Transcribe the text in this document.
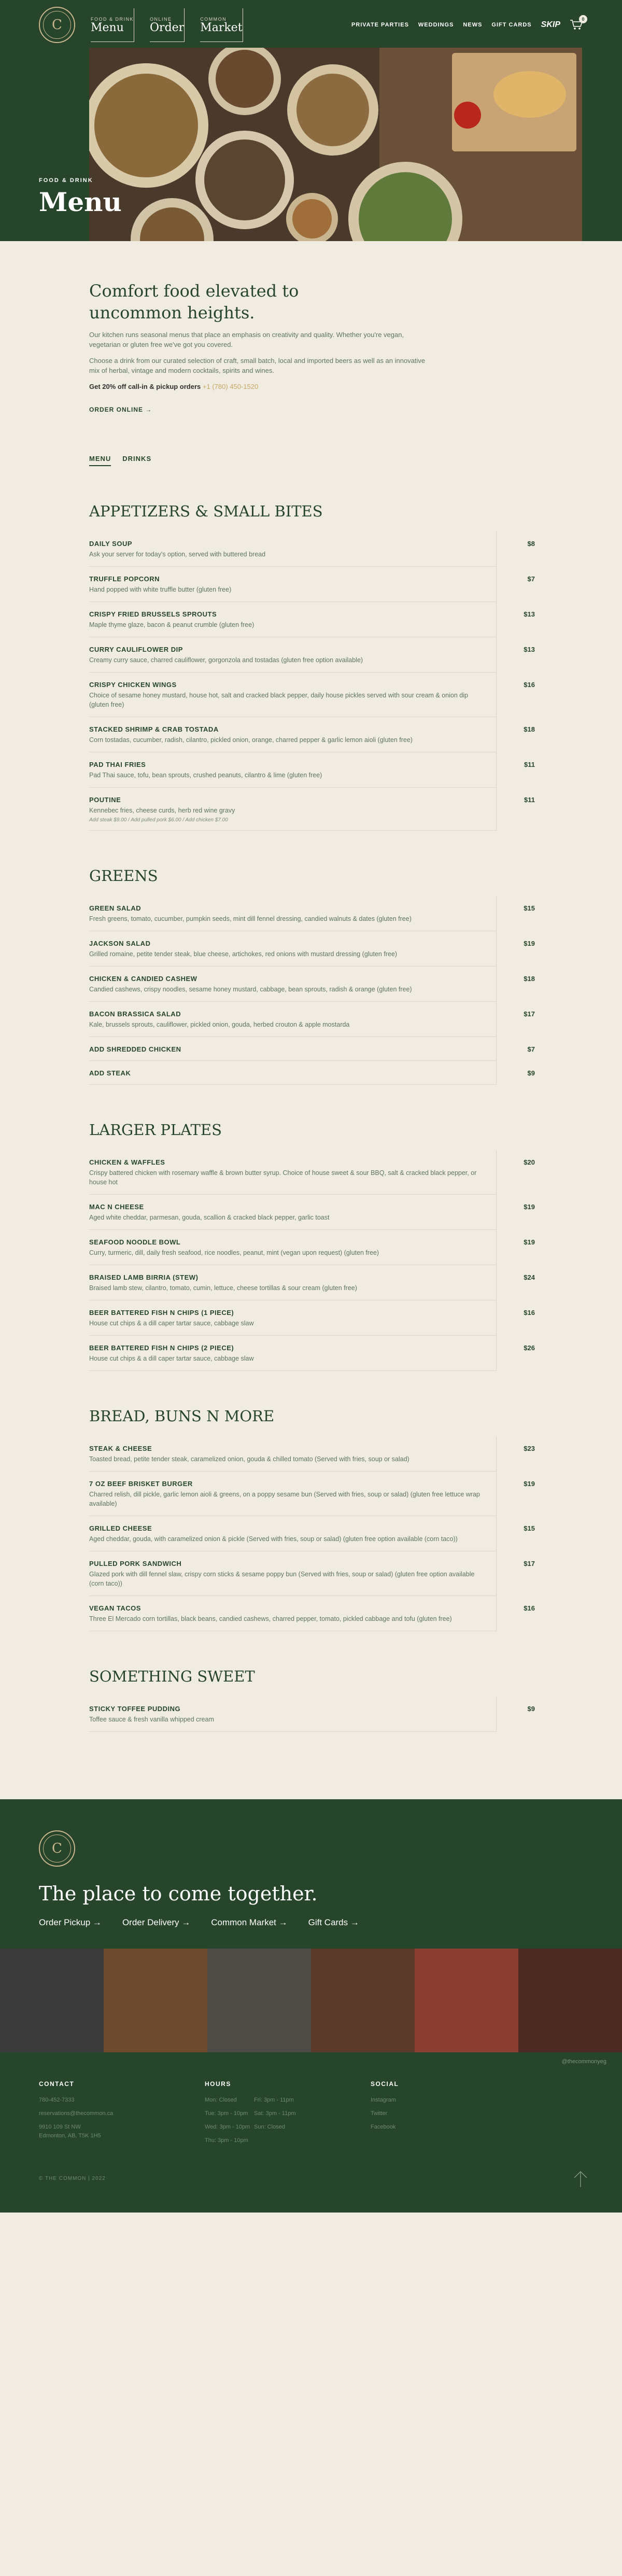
C	FOOD & DRINK
Menu
ONLINE
Order
COMMON
Market	PRIVATE PARTIES WEDDINGS NEWS GIFT CARDS SKIP
0
FOOD & DRINK
Menu
Comfort food elevated to uncommon heights.

Our kitchen runs seasonal menus that place an emphasis on creativity and quality. Whether you're vegan, vegetarian or gluten free we've got you covered.

Choose a drink from our curated selection of craft, small batch, local and imported beers as well as an innovative mix of herbal, vintage and modern cocktails, spirits and wines.

Get 20% off call-in & pickup orders +1 (780) 450-1520

ORDER ONLINE →
MENU DRINKS
APPETIZERS & SMALL BITES
DAILY SOUP
Ask your server for today's option, served with buttered bread
$8
TRUFFLE POPCORN
Hand popped with white truffle butter (gluten free)
$7
CRISPY FRIED BRUSSELS SPROUTS
Maple thyme glaze, bacon & peanut crumble (gluten free)
$13
CURRY CAULIFLOWER DIP
Creamy curry sauce, charred cauliflower, gorgonzola and tostadas (gluten free option available)
$13
CRISPY CHICKEN WINGS
Choice of sesame honey mustard, house hot, salt and cracked black pepper, daily house pickles served with sour cream & onion dip (gluten free)
$16
STACKED SHRIMP & CRAB TOSTADA
Corn tostadas, cucumber, radish, cilantro, pickled onion, orange, charred pepper & garlic lemon aioli (gluten free)
$18
PAD THAI FRIES
Pad Thai sauce, tofu, bean sprouts, crushed peanuts, cilantro & lime (gluten free)
$11
POUTINE
Kennebec fries, cheese curds, herb red wine gravy
Add steak $9.00 / Add pulled pork $6.00 / Add chicken $7.00
$11
GREENS
GREEN SALAD
Fresh greens, tomato, cucumber, pumpkin seeds, mint dill fennel dressing, candied walnuts & dates (gluten free)
$15
JACKSON SALAD
Grilled romaine, petite tender steak, blue cheese, artichokes, red onions with mustard dressing (gluten free)
$19
CHICKEN & CANDIED CASHEW
Candied cashews, crispy noodles, sesame honey mustard, cabbage, bean sprouts, radish & orange (gluten free)
$18
BACON BRASSICA SALAD
Kale, brussels sprouts, cauliflower, pickled onion, gouda, herbed crouton & apple mostarda
$17
ADD SHREDDED CHICKEN	$7
ADD STEAK	$9
LARGER PLATES
CHICKEN & WAFFLES
Crispy battered chicken with rosemary waffle & brown butter syrup. Choice of house sweet & sour BBQ, salt & cracked black pepper, or house hot
$20
MAC N CHEESE
Aged white cheddar, parmesan, gouda, scallion & cracked black pepper, garlic toast
$19
SEAFOOD NOODLE BOWL
Curry, turmeric, dill, daily fresh seafood, rice noodles, peanut, mint (vegan upon request) (gluten free)
$19
BRAISED LAMB BIRRIA (STEW)
Braised lamb stew, cilantro, tomato, cumin, lettuce, cheese tortillas & sour cream (gluten free)
$24
BEER BATTERED FISH N CHIPS (1 PIECE)
House cut chips & a dill caper tartar sauce, cabbage slaw
$16
BEER BATTERED FISH N CHIPS (2 PIECE)
House cut chips & a dill caper tartar sauce, cabbage slaw
$26
BREAD, BUNS N MORE
STEAK & CHEESE
Toasted bread, petite tender steak, caramelized onion, gouda & chilled tomato (Served with fries, soup or salad)
$23
7 OZ BEEF BRISKET BURGER
Charred relish, dill pickle, garlic lemon aioli & greens, on a poppy sesame bun (Served with fries, soup or salad) (gluten free lettuce wrap available)
$19
GRILLED CHEESE
Aged cheddar, gouda, with caramelized onion & pickle (Served with fries, soup or salad) (gluten free option available (corn taco))
$15
PULLED PORK SANDWICH
Glazed pork with dill fennel slaw, crispy corn sticks & sesame poppy bun (Served with fries, soup or salad) (gluten free option available (corn taco))
$17
VEGAN TACOS
Three El Mercado corn tortillas, black beans, candied cashews, charred pepper, tomato, pickled cabbage and tofu (gluten free)
$16
SOMETHING SWEET
STICKY TOFFEE PUDDING
Toffee sauce & fresh vanilla whipped cream
$9
C
The place to come together.
Order Pickup → Order Delivery → Common Market → Gift Cards →
@thecommonyeg
CONTACT
780-452-7333
reservations@thecommon.ca
9910 109 St NW
Edmonton, AB, T5K 1H5
HOURS
Mon: Closed	Fri: 3pm - 11pm
Tue: 3pm - 10pm	Sat: 3pm - 11pm
Wed: 3pm - 10pm Sun: Closed
Thu: 3pm - 10pm
SOCIAL
Instagram
Twitter
Facebook
© THE COMMON | 2022
